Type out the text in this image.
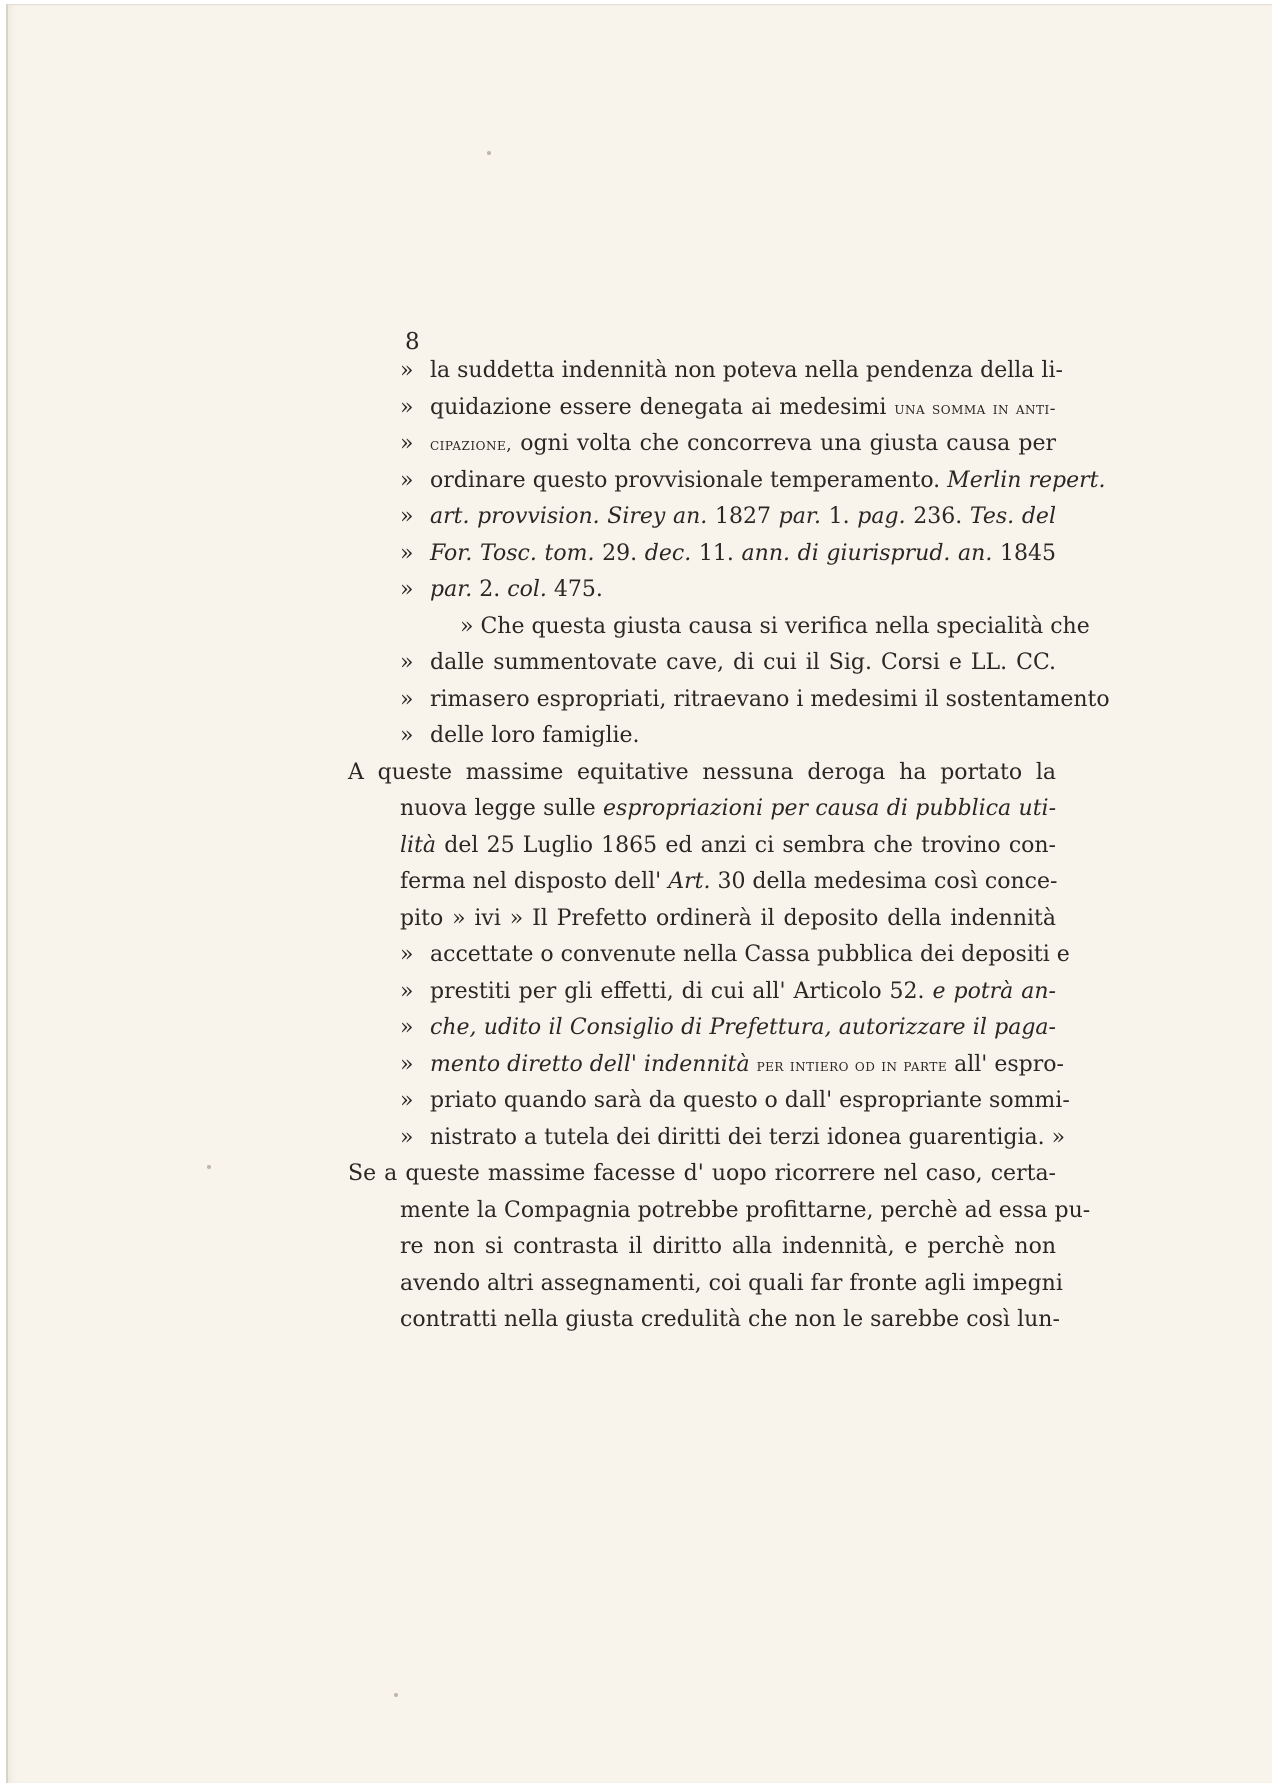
8
» la suddetta indennità non poteva nella pendenza della li-
» quidazione essere denegata ai medesimi una somma in anti-
» cipazione, ogni volta che concorreva una giusta causa per
» ordinare questo provvisionale temperamento. Merlin repert.
» art. provvision. Sirey an. 1827 par. 1. pag. 236. Tes. del
» For. Tosc. tom. 29. dec. 11. ann. di giurisprud. an. 1845
» par. 2. col. 475.
» Che questa giusta causa si verifica nella specialità che
» dalle summentovate cave, di cui il Sig. Corsi e LL. CC.
» rimasero espropriati, ritraevano i medesimi il sostentamento
» delle loro famiglie.
A queste massime equitative nessuna deroga ha portato la
nuova legge sulle espropriazioni per causa di pubblica uti-
lità del 25 Luglio 1865 ed anzi ci sembra che trovino con-
ferma nel disposto dell' Art. 30 della medesima così conce-
pito » ivi » Il Prefetto ordinerà il deposito della indennità
» accettate o convenute nella Cassa pubblica dei depositi e
» prestiti per gli effetti, di cui all' Articolo 52. e potrà an-
» che, udito il Consiglio di Prefettura, autorizzare il paga-
» mento diretto dell' indennità per intiero od in parte all' espro-
» priato quando sarà da questo o dall' espropriante sommi-
» nistrato a tutela dei diritti dei terzi idonea guarentigia. »
Se a queste massime facesse d' uopo ricorrere nel caso, certa-
mente la Compagnia potrebbe profittarne, perchè ad essa pu-
re non si contrasta il diritto alla indennità, e perchè non
avendo altri assegnamenti, coi quali far fronte agli impegni
contratti nella giusta credulità che non le sarebbe così lun-
